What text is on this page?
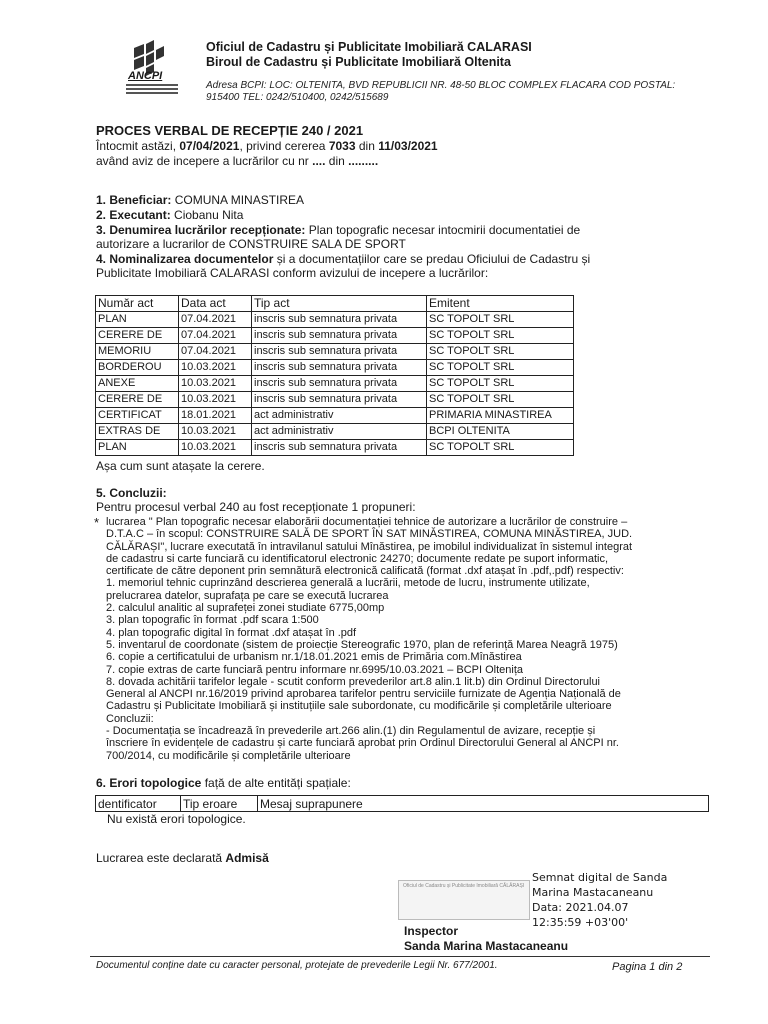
ANCPI
Oficiul de Cadastru și Publicitate Imobiliară CALARASI
Biroul de Cadastru și Publicitate Imobiliară Oltenita
Adresa BCPI: LOC: OLTENITA, BVD REPUBLICII NR. 48-50 BLOC COMPLEX FLACARA COD POSTAL:
915400 TEL: 0242/510400, 0242/515689
PROCES VERBAL DE RECEPȚIE 240 / 2021
Întocmit astăzi, 07/04/2021, privind cererea 7033 din 11/03/2021
având aviz de incepere a lucrărilor cu nr .... din .........
1. Beneficiar: COMUNA MINASTIREA
2. Executant: Ciobanu Nita
3. Denumirea lucrărilor recepționate: Plan topografic necesar intocmirii documentatiei de
autorizare a lucrarilor de CONSTRUIRE SALA DE SPORT
4. Nominalizarea documentelor și a documentațiilor care se predau Oficiului de Cadastru și
Publicitate Imobiliară CALARASI conform avizului de incepere a lucrărilor:
Număr act	Data act	Tip act	Emitent
PLAN	07.04.2021	inscris sub semnatura privata	SC TOPOLT SRL
CERERE DE	07.04.2021	inscris sub semnatura privata	SC TOPOLT SRL
MEMORIU	07.04.2021	inscris sub semnatura privata	SC TOPOLT SRL
BORDEROU	10.03.2021	inscris sub semnatura privata	SC TOPOLT SRL
ANEXE	10.03.2021	inscris sub semnatura privata	SC TOPOLT SRL
CERERE DE	10.03.2021	inscris sub semnatura privata	SC TOPOLT SRL
CERTIFICAT	18.01.2021	act administrativ	PRIMARIA MINASTIREA
EXTRAS DE	10.03.2021	act administrativ	BCPI OLTENITA
PLAN	10.03.2021	inscris sub semnatura privata	SC TOPOLT SRL
Așa cum sunt atașate la cerere.
5. Concluzii:
Pentru procesul verbal 240 au fost recepționate 1 propuneri:
* lucrarea " Plan topografic necesar elaborării documentației tehnice de autorizare a lucrărilor de construire –

D.T.A.C – în scopul: CONSTRUIRE SALĂ DE SPORT ÎN SAT MINĂSTIREA, COMUNA MINĂSTIREA, JUD.

CĂLĂRAȘI", lucrare executată în intravilanul satului Mînăstirea, pe imobilul individualizat în sistemul integrat

de cadastru si carte funciară cu identificatorul electronic 24270; documente redate pe suport informatic,

certificate de către deponent prin semnătură electronică calificată (format .dxf atașat în .pdf,.pdf) respectiv:

1. memoriul tehnic cuprinzând descrierea generală a lucrării, metode de lucru, instrumente utilizate,

prelucrarea datelor, suprafața pe care se execută lucrarea

2. calculul analitic al suprafeței zonei studiate 6775,00mp

3. plan topografic în format .pdf scara 1:500

4. plan topografic digital în format .dxf atașat în .pdf

5. inventarul de coordonate (sistem de proiecție Stereografic 1970, plan de referință Marea Neagră 1975)

6. copie a certificatului de urbanism nr.1/18.01.2021 emis de Primăria com.Mînăstirea

7. copie extras de carte funciară pentru informare nr.6995/10.03.2021 – BCPI Oltenița

8. dovada achitării tarifelor legale - scutit conform prevederilor art.8 alin.1 lit.b) din Ordinul Directorului

General al ANCPI nr.16/2019 privind aprobarea tarifelor pentru serviciile furnizate de Agenția Națională de

Cadastru și Publicitate Imobiliară și instituțiile sale subordonate, cu modificările și completările ulterioare

Concluzii:

- Documentația se încadrează în prevederile art.266 alin.(1) din Regulamentul de avizare, recepție și

înscriere în evidențele de cadastru și carte funciară aprobat prin Ordinul Directorului General al ANCPI nr.

700/2014, cu modificările și completările ulterioare

6. Erori topologice față de alte entități spațiale:
dentificator	Tip eroare	Mesaj suprapunere
Nu există erori topologice.
Lucrarea este declarată Admisă
Oficiul de Cadastru și Publicitate Imobiliară CĂLĂRAȘI
Semnat digital de Sanda
Marina Mastacaneanu
Data: 2021.04.07
12:35:59 +03'00'
Inspector
Sanda Marina Mastacaneanu
Documentul conține date cu caracter personal, protejate de prevederile Legii Nr. 677/2001.	Pagina 1 din 2
